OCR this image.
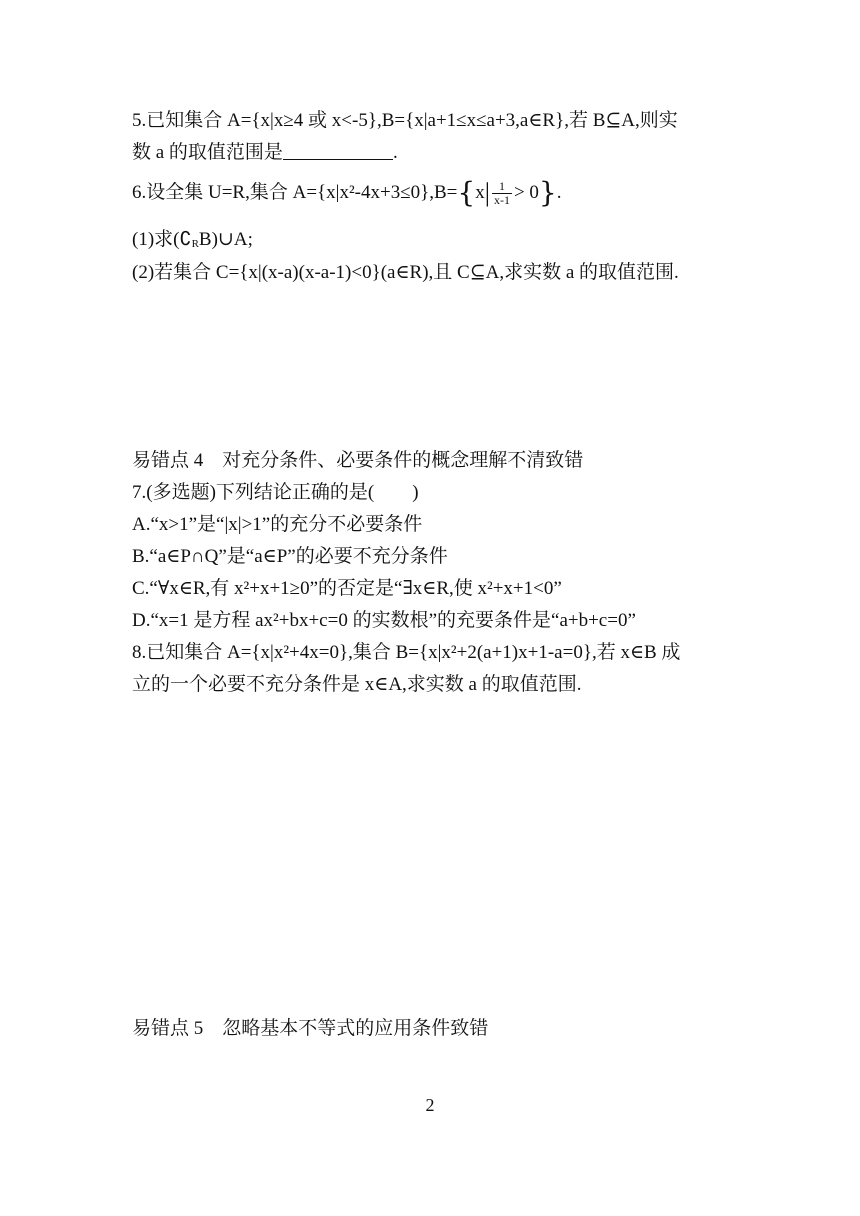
5.已知集合 A={x|x≥4 或 x<-5},B={x|a+1≤x≤a+3,a∈R},若 B⊆A,则实
数 a 的取值范围是	.
6.设全集 U=R,集合 $A=\{x|x^2-4x+3\le 0\},B=\{x| \frac{1}{x-1} > 0\}$.
(1)求(∁RB)∪A;
(2)若集合 C={x|(x-a)(x-a-1)<0}(a∈R),且 C⊆A,求实数 a 的取值范围.
易错点 4    对充分条件、必要条件的概念理解不清致错
7.(多选题)下列结论正确的是(        )
A.“x>1”是“|x|>1”的充分不必要条件
B.“a∈P∩Q”是“a∈P”的必要不充分条件
C.“∀x∈R,有 x²+x+1≥0”的否定是“∃x∈R,使 x²+x+1<0”
D.“x=1 是方程 ax²+bx+c=0 的实数根”的充要条件是“a+b+c=0”
8.已知集合 A={x|x²+4x=0},集合 B={x|x²+2(a+1)x+1-a=0},若 x∈B 成
立的一个必要不充分条件是 x∈A,求实数 a 的取值范围.
易错点 5    忽略基本不等式的应用条件致错
2
